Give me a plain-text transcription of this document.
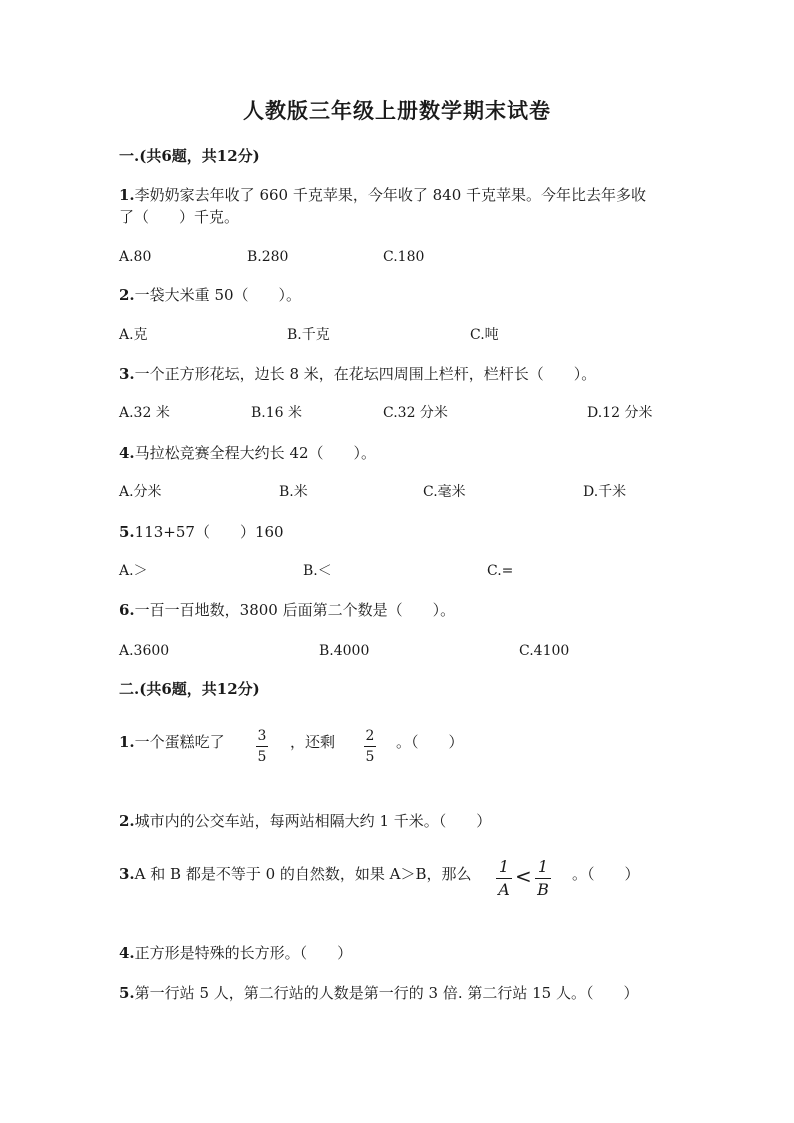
人教版三年级上册数学期末试卷
一.(共6题，共12分)
1.李奶奶家去年收了 660 千克苹果，今年收了 840 千克苹果。今年比去年多收
了（　　）千克。
A.80	B.280	C.180
2.一袋大米重 50（　　）。
A.克	B.千克	C.吨
3.一个正方形花坛，边长 8 米，在花坛四周围上栏杆，栏杆长（　　）。
A.32 米	B.16 米	C.32 分米	D.12 分米
4.马拉松竞赛全程大约长 42（　　）。
A.分米	B.米	C.毫米	D.千米
5.113+57（　　）160
A.＞	B.＜	C.=
6.一百一百地数，3800 后面第二个数是（　　）。
A.3600	B.4000	C.4100
二.(共6题，共12分)
1.一个蛋糕吃了 3
5
，还剩 2
5
。（　　）
2.城市内的公交车站，每两站相隔大约 1 千米。（　　）
3.A 和 B 都是不等于 0 的自然数，如果 A＞B，那么 1
A
< 1
B
。（　　）
4.正方形是特殊的长方形。（　　）
5.第一行站 5 人，第二行站的人数是第一行的 3 倍. 第二行站 15 人。（　　）
